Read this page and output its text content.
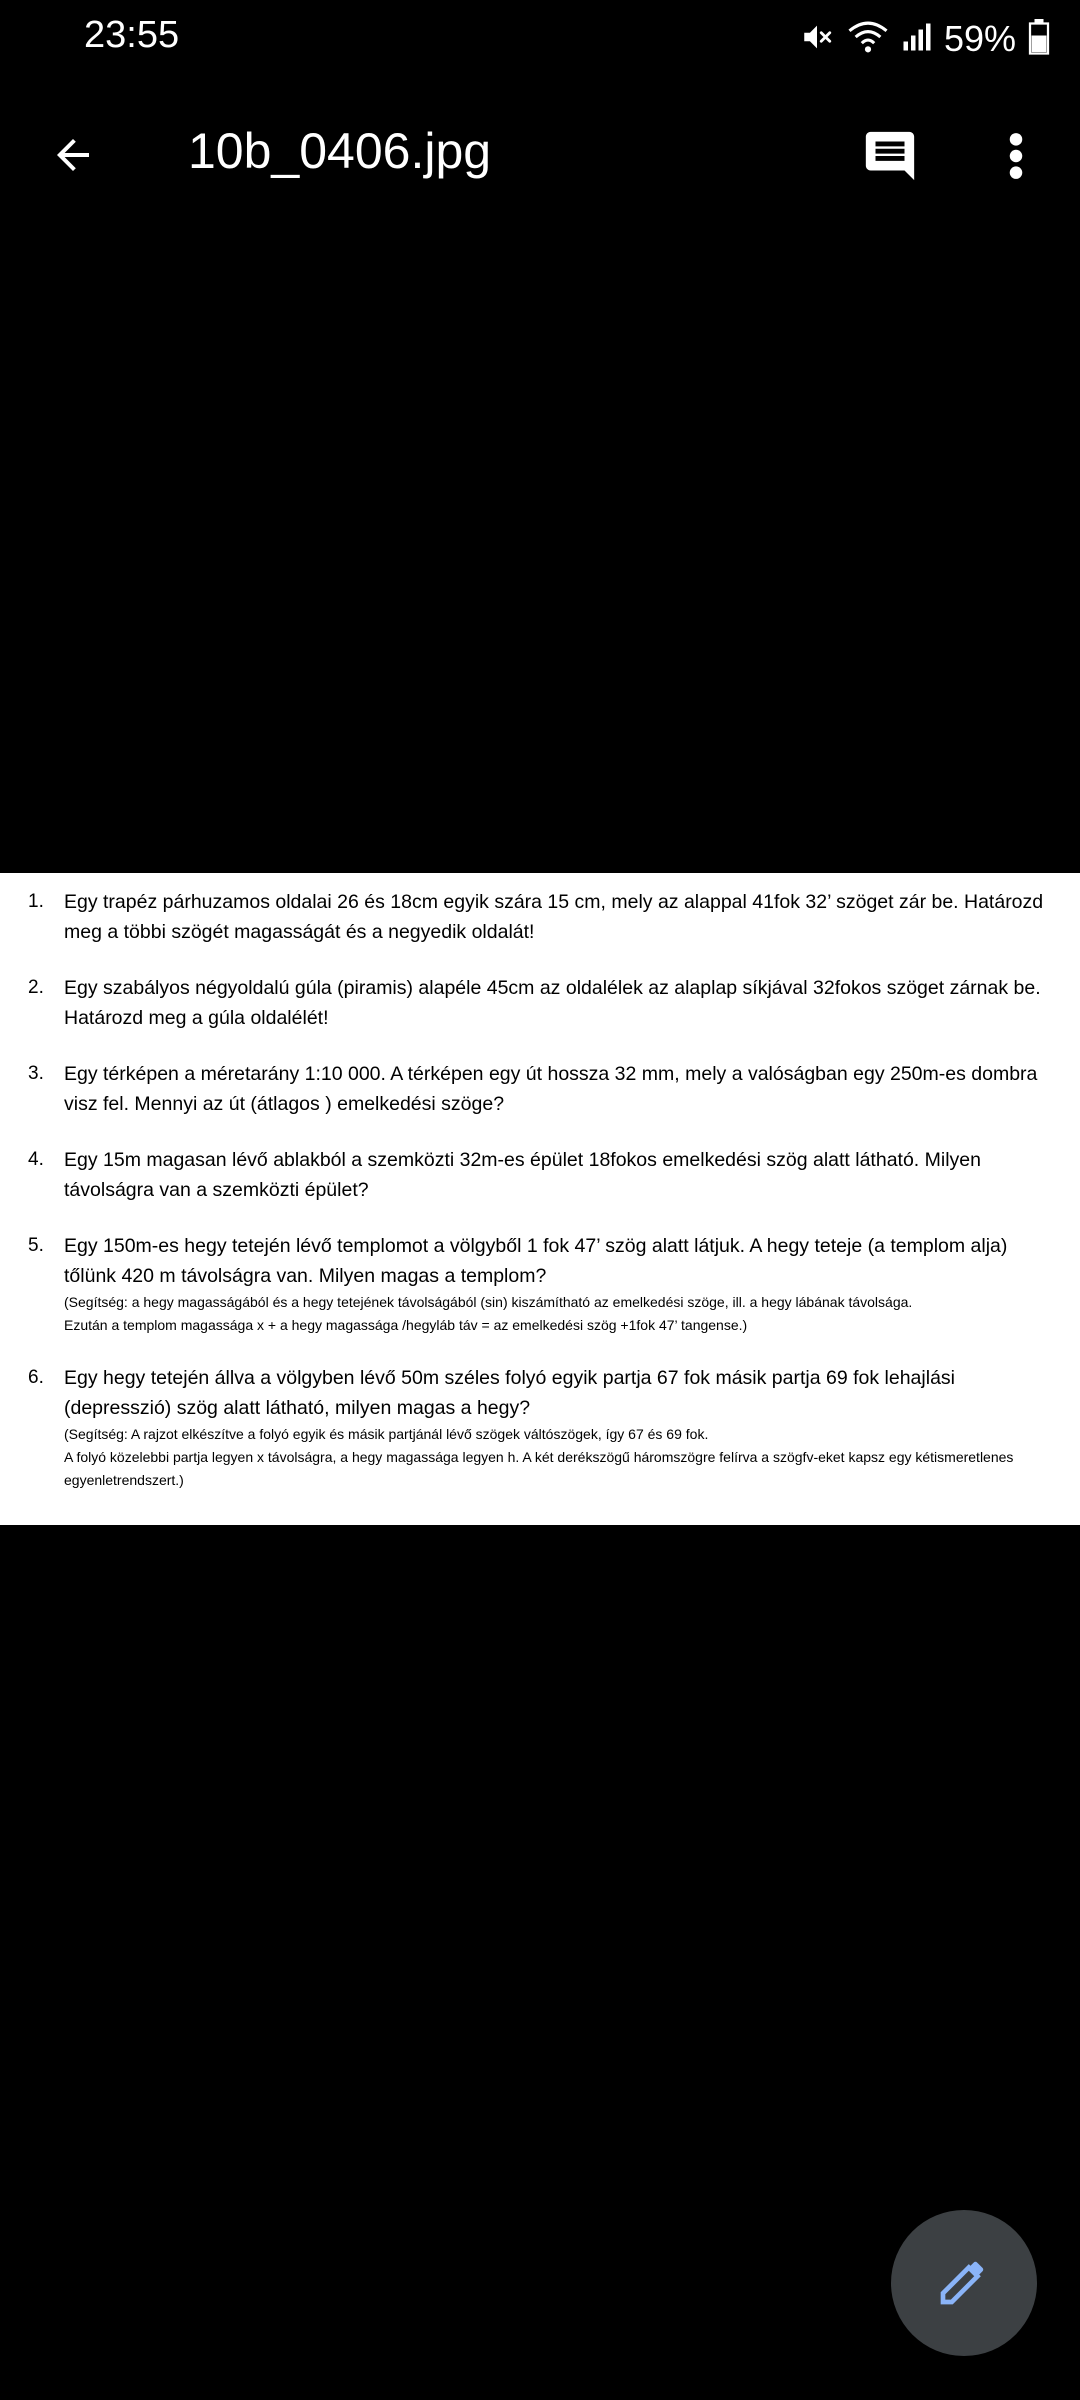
23:55	59%
10b_0406.jpg
1.	Egy trapéz párhuzamos oldalai 26 és 18cm egyik szára 15 cm, mely az alappal 41fok 32’ szöget zár be. Határozd meg a többi szögét magasságát és a negyedik oldalát!
2.	Egy szabályos négyoldalú gúla (piramis) alapéle 45cm az oldalélek az alaplap síkjával 32fokos szöget zárnak be. Határozd meg a gúla oldalélét!
3.	Egy térképen a méretarány 1:10 000. A térképen egy út hossza 32 mm, mely a valóságban egy 250m-es dombra visz fel. Mennyi az út (átlagos ) emelkedési szöge?
4.	Egy 15m magasan lévő ablakból a szemközti 32m-es épület 18fokos emelkedési szög alatt látható. Milyen távolságra van a szemközti épület?
5.	Egy 150m-es hegy tetején lévő templomot a völgyből 1 fok 47’ szög alatt látjuk. A hegy teteje (a templom alja) tőlünk 420 m távolságra van. Milyen magas a templom?
(Segítség: a hegy magasságából és a hegy tetejének távolságából (sin) kiszámítható az emelkedési szöge, ill. a hegy lábának távolsága.
Ezután a templom magassága x + a hegy magassága /hegyláb táv = az emelkedési szög +1fok 47’ tangense.)
6.	Egy hegy tetején állva a völgyben lévő 50m széles folyó egyik partja 67 fok másik partja 69 fok lehajlási (depresszió) szög alatt látható, milyen magas a hegy?
(Segítség: A rajzot elkészítve a folyó egyik és másik partjánál lévő szögek váltószögek, így 67 és 69 fok.
A folyó közelebbi partja legyen x távolságra, a hegy magassága legyen h. A két derékszögű háromszögre felírva a szögfv-eket kapsz egy kétismeretlenes egyenletrendszert.)
